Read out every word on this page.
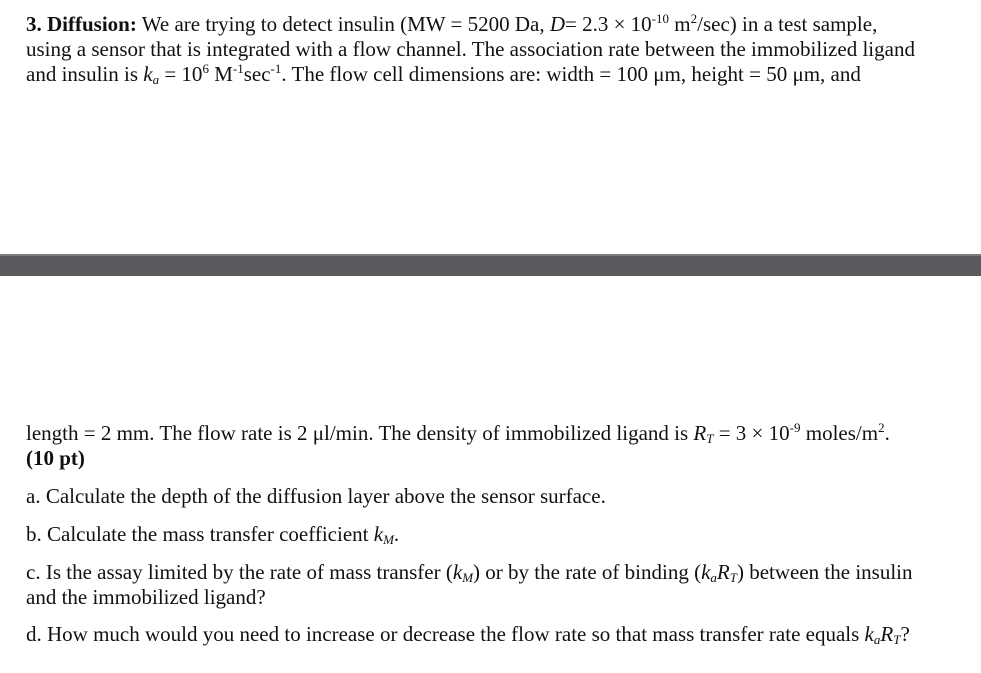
3. Diffusion: We are trying to detect insulin (MW = 5200 Da, $D= 2.3 \times 10^{-10}$ $m^2/\sec$) in a test sample,
using a sensor that is integrated with a flow channel. The association rate between the immobilized ligand
and insulin is $k_a = 10^6$ $M^{-1}\sec^{-1}$. The flow cell dimensions are: width = 100 μm, height = 50 μm, and
length = 2 mm. The flow rate is 2 μl/min. The density of immobilized ligand is $R_T = 3 \times 10^{-9}$ moles/$m^2$.
(10 pt)
a. Calculate the depth of the diffusion layer above the sensor surface.
b. Calculate the mass transfer coefficient $k_M$.
c. Is the assay limited by the rate of mass transfer $(k_M)$ or by the rate of binding $(k_aR_T)$ between the insulin
and the immobilized ligand?
d. How much would you need to increase or decrease the flow rate so that mass transfer rate equals $k_aR_T$?
